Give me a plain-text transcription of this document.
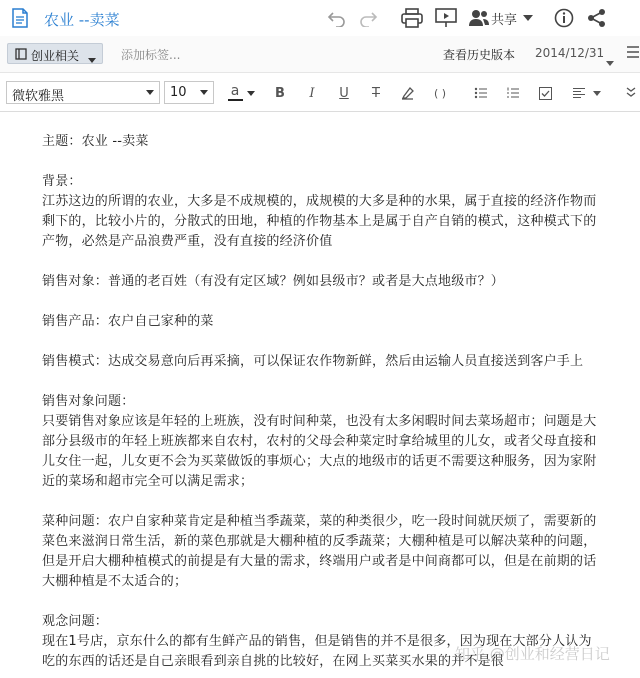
农业 --卖菜	共享
创业相关	添加标签...	查看历史版本 2014/12/31
微软雅黑	10	a	B	I	U	T	( )

主题：农业 --卖菜

背景：

江苏这边的所谓的农业，大多是不成规模的，成规模的大多是种的水果，属于直接的经济作物而剩下的，比较小片的，分散式的田地，种植的作物基本上是属于自产自销的模式，这种模式下的产物，必然是产品浪费严重，没有直接的经济价值

销售对象：普通的老百姓（有没有定区域？例如县级市？或者是大点地级市？）

销售产品：农户自己家种的菜

销售模式：达成交易意向后再采摘，可以保证农作物新鲜，然后由运输人员直接送到客户手上

销售对象问题：

只要销售对象应该是年轻的上班族，没有时间种菜，也没有太多闲暇时间去菜场超市；问题是大部分县级市的年轻上班族都来自农村，农村的父母会种菜定时拿给城里的儿女，或者父母直接和儿女住一起，儿女更不会为买菜做饭的事烦心；大点的地级市的话更不需要这种服务，因为家附近的菜场和超市完全可以满足需求；

菜种问题：农户自家种菜肯定是种植当季蔬菜，菜的种类很少，吃一段时间就厌烦了，需要新的菜色来滋润日常生活，新的菜色那就是大棚种植的反季蔬菜；大棚种植是可以解决菜种的问题，但是开启大棚种植模式的前提是有大量的需求，终端用户或者是中间商都可以，但是在前期的话大棚种植是不太适合的；

观念问题：

现在1号店，京东什么的都有生鲜产品的销售，但是销售的并不是很多，因为现在大部分人认为吃的东西的话还是自己亲眼看到亲自挑的比较好，在网上买菜买水果的并不是很

知乎 @创业和经营日记
